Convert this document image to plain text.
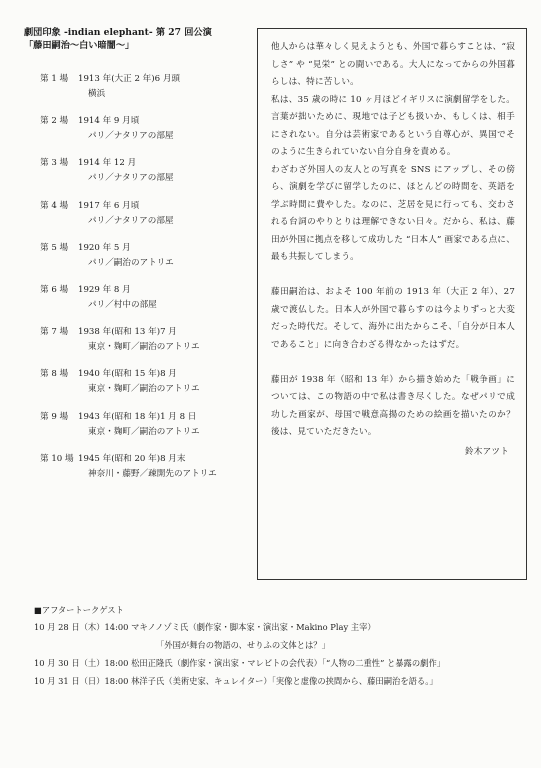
劇団印象 -indian elephant- 第 27 回公演
「藤田嗣治～白い暗闇～」
第 1 場	1913 年(大正 2 年)6 月頭
横浜
第 2 場	1914 年 9 月頃
パリ／ナタリアの部屋
第 3 場	1914 年 12 月
パリ／ナタリアの部屋
第 4 場	1917 年 6 月頃
パリ／ナタリアの部屋
第 5 場	1920 年 5 月
パリ／嗣治のアトリエ
第 6 場	1929 年 8 月
パリ／村中の部屋
第 7 場	1938 年(昭和 13 年)7 月
東京・麹町／嗣治のアトリエ
第 8 場	1940 年(昭和 15 年)8 月
東京・麹町／嗣治のアトリエ
第 9 場	1943 年(昭和 18 年)1 月 8 日
東京・麹町／嗣治のアトリエ
第 10 場 1945 年(昭和 20 年)8 月末
神奈川・藤野／疎開先のアトリエ

他人からは華々しく見えようとも、外国で暮らすことは、“寂しさ” や “見栄” との闘いである。大人になってからの外国暮らしは、特に苦しい。

私は、35 歳の時に 10 ヶ月ほどイギリスに演劇留学をした。言葉が拙いために、現地では子ども扱いか、もしくは、相手にされない。自分は芸術家であるという自尊心が、異国でそのように生きられていない自分自身を責める。

わざわざ外国人の友人との写真を SNS にアップし、その傍ら、演劇を学びに留学したのに、ほとんどの時間を、英語を学ぶ時間に費やした。なのに、芝居を見に行っても、交わされる台詞のやりとりは理解できない日々。だから、私は、藤田が外国に拠点を移して成功した “日本人” 画家である点に、最も共振してしまう。

藤田嗣治は、およそ 100 年前の 1913 年（大正 2 年）、27 歳で渡仏した。日本人が外国で暮らすのは今よりずっと大変だった時代だ。そして、海外に出たからこそ、「自分が日本人であること」に向き合わざる得なかったはずだ。

藤田が 1938 年（昭和 13 年）から描き始めた「戦争画」については、この物語の中で私は書き尽くした。なぜパリで成功した画家が、母国で戦意高揚のための絵画を描いたのか？ 後は、見ていただきたい。

鈴木アツト
■アフタートークゲスト
10 月 28 日（木）14:00 マキノノゾミ氏（劇作家・脚本家・演出家・Makino Play 主宰）
「外国が舞台の物語の、せりふの文体とは？」
10 月 30 日（土）18:00 松田正隆氏（劇作家・演出家・マレビトの会代表）「“人物の二重性” と暴露の劇作」
10 月 31 日（日）18:00 林洋子氏（美術史家、キュレイター）「実像と虚像の挟間から、藤田嗣治を語る。」
